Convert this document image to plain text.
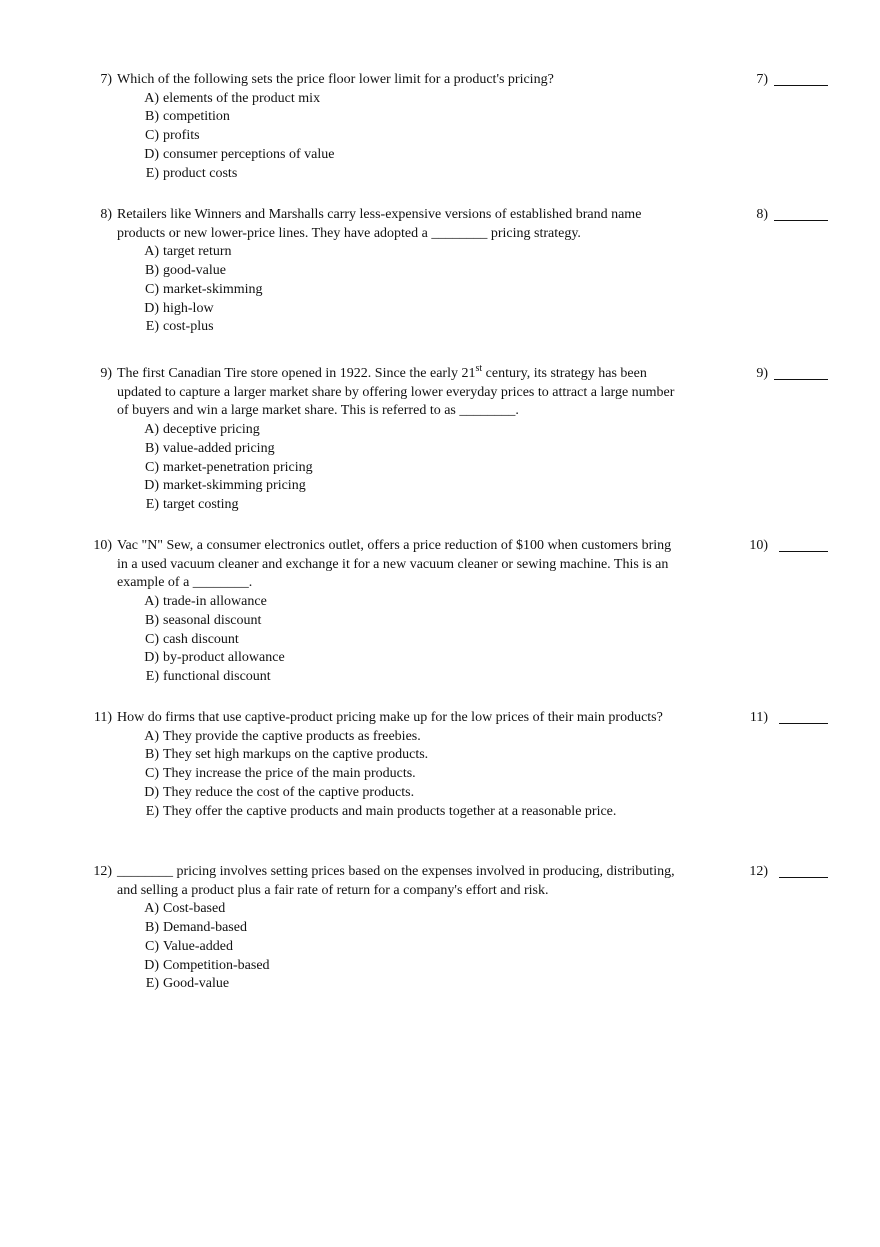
7) Which of the following sets the price floor lower limit for a product's pricing?
A) elements of the product mix
B) competition
C) profits
D) consumer perceptions of value
E) product costs
7)
8) Retailers like Winners and Marshalls carry less-expensive versions of established brand name products or new lower-price lines. They have adopted a ________ pricing strategy.
A) target return
B) good-value
C) market-skimming
D) high-low
E) cost-plus
8)
9) The first Canadian Tire store opened in 1922. Since the early 21st century, its strategy has been updated to capture a larger market share by offering lower everyday prices to attract a large number of buyers and win a large market share. This is referred to as ________.
A) deceptive pricing
B) value-added pricing
C) market-penetration pricing
D) market-skimming pricing
E) target costing
9)
10) Vac "N" Sew, a consumer electronics outlet, offers a price reduction of $100 when customers bring in a used vacuum cleaner and exchange it for a new vacuum cleaner or sewing machine. This is an example of a ________.
A) trade-in allowance
B) seasonal discount
C) cash discount
D) by-product allowance
E) functional discount
10)
11) How do firms that use captive-product pricing make up for the low prices of their main products?
A) They provide the captive products as freebies.
B) They set high markups on the captive products.
C) They increase the price of the main products.
D) They reduce the cost of the captive products.
E) They offer the captive products and main products together at a reasonable price.
11)
12) ________ pricing involves setting prices based on the expenses involved in producing, distributing, and selling a product plus a fair rate of return for a company's effort and risk.
A) Cost-based
B) Demand-based
C) Value-added
D) Competition-based
E) Good-value
12)
